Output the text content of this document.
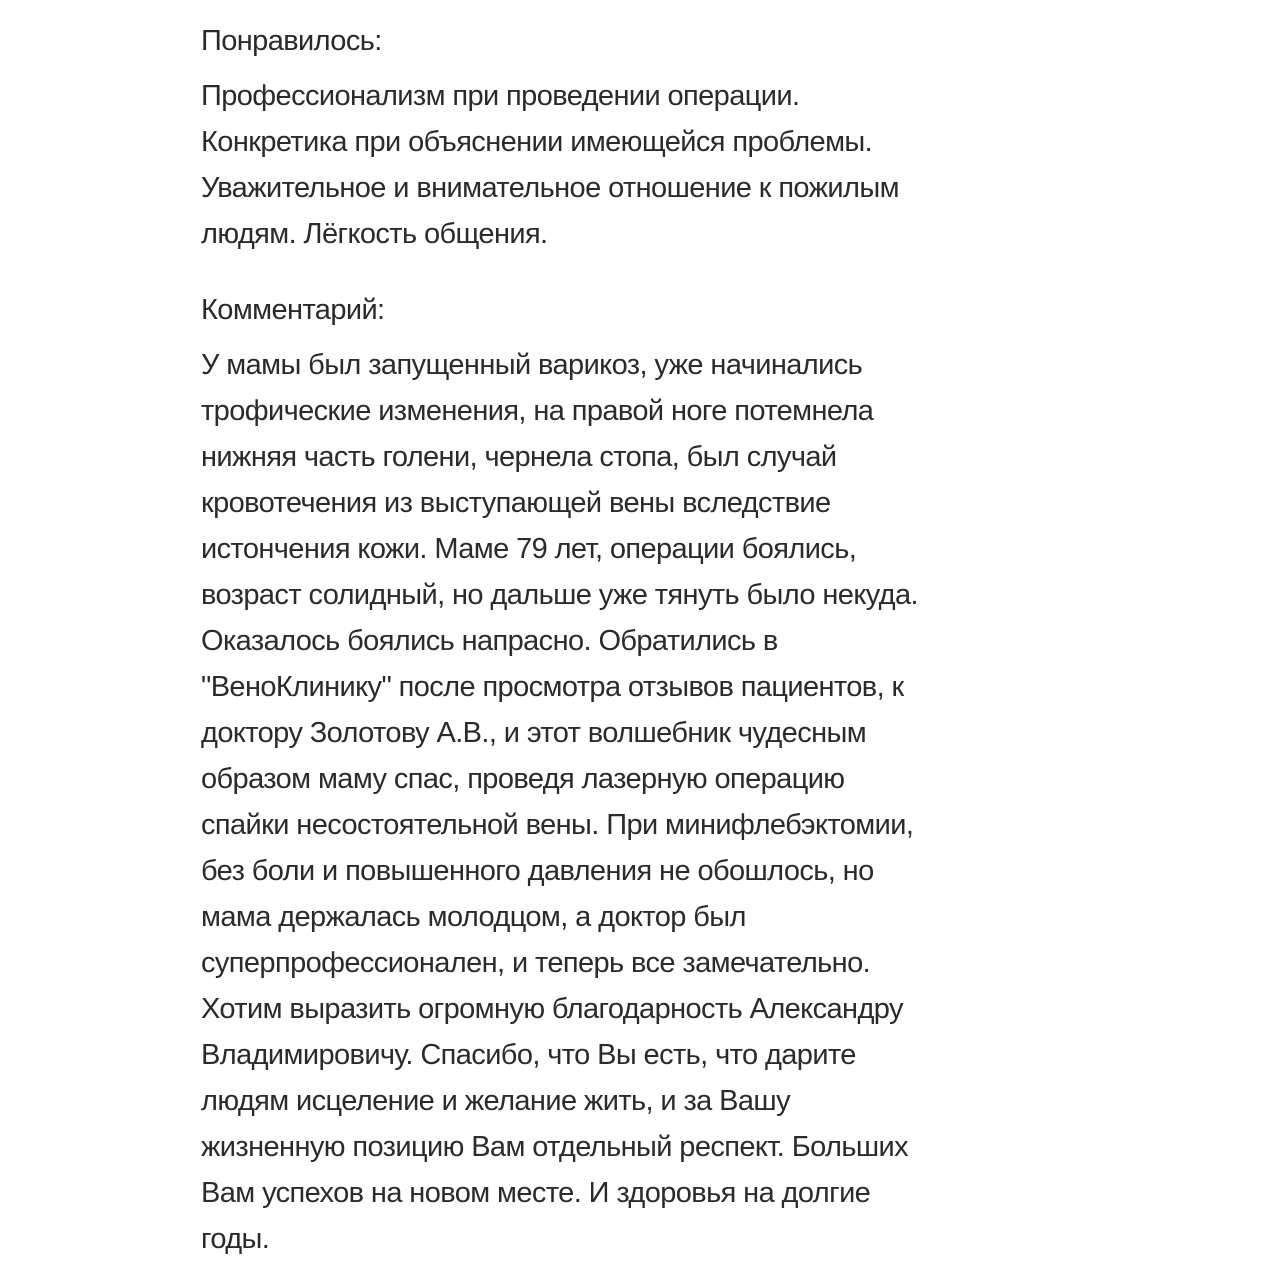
Понравилось:

Профессионализм при проведении операции.
Конкретика при объяснении имеющейся проблемы.
Уважительное и внимательное отношение к пожилым
людям. Лёгкость общения.

Комментарий:

У мамы был запущенный варикоз, уже начинались
трофические изменения, на правой ноге потемнела
нижняя часть голени, чернела стопа, был случай
кровотечения из выступающей вены вследствие
истончения кожи. Маме 79 лет, операции боялись,
возраст солидный, но дальше уже тянуть было некуда.
Оказалось боялись напрасно. Обратились в
"ВеноКлинику" после просмотра отзывов пациентов, к
доктору Золотову А.В., и этот волшебник чудесным
образом маму спас, проведя лазерную операцию
спайки несостоятельной вены. При минифлебэктомии,
без боли и повышенного давления не обошлось, но
мама держалась молодцом, а доктор был
суперпрофессионален, и теперь все замечательно.
Хотим выразить огромную благодарность Александру
Владимировичу. Спасибо, что Вы есть, что дарите
людям исцеление и желание жить, и за Вашу
жизненную позицию Вам отдельный респект. Больших
Вам успехов на новом месте. И здоровья на долгие
годы.
